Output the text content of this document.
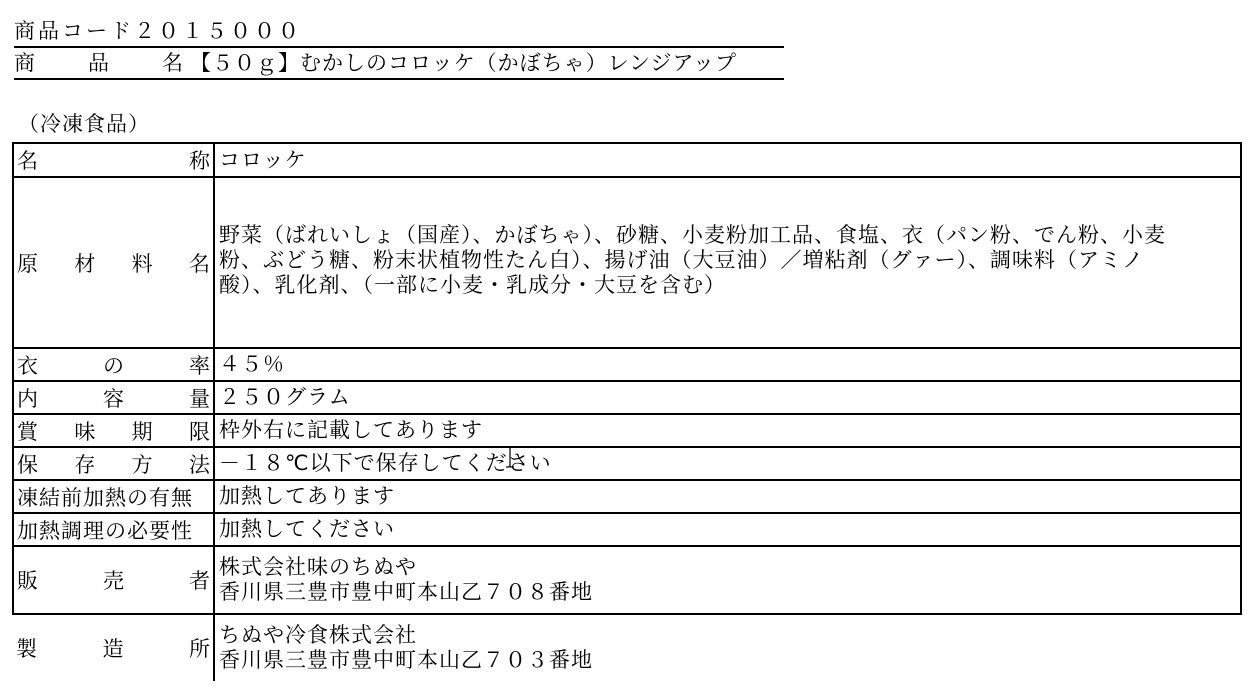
商品コード２０１５０００
商 品 名 【５０ｇ】むかしのコロッケ（かぼちゃ）レンジアップ
（冷凍食品）
名 称	コロッケ

原 材 料 名	野菜（ばれいしょ（国産）、かぼちゃ）、砂糖、小麦粉加工品、食塩、衣（パン粉、でん粉、小麦
粉、ぶどう糖、粉末状植物性たん白）、揚げ油（大豆油）／増粘剤（グァー）、調味料（アミノ
酸）、乳化剤、（一部に小麦・乳成分・大豆を含む）

衣 の 率	４５％

内 容 量	２５０グラム

賞 味 期 限	枠外右に記載してあります

保 存 方 法	－１８℃以下で保存してください

凍結前加熱の有無	加熱してあります

加熱調理の必要性	加熱してください

販 売 者	株式会社味のちぬや
香川県三豊市豊中町本山乙７０８番地

製 造 所	ちぬや冷食株式会社
香川県三豊市豊中町本山乙７０３番地
